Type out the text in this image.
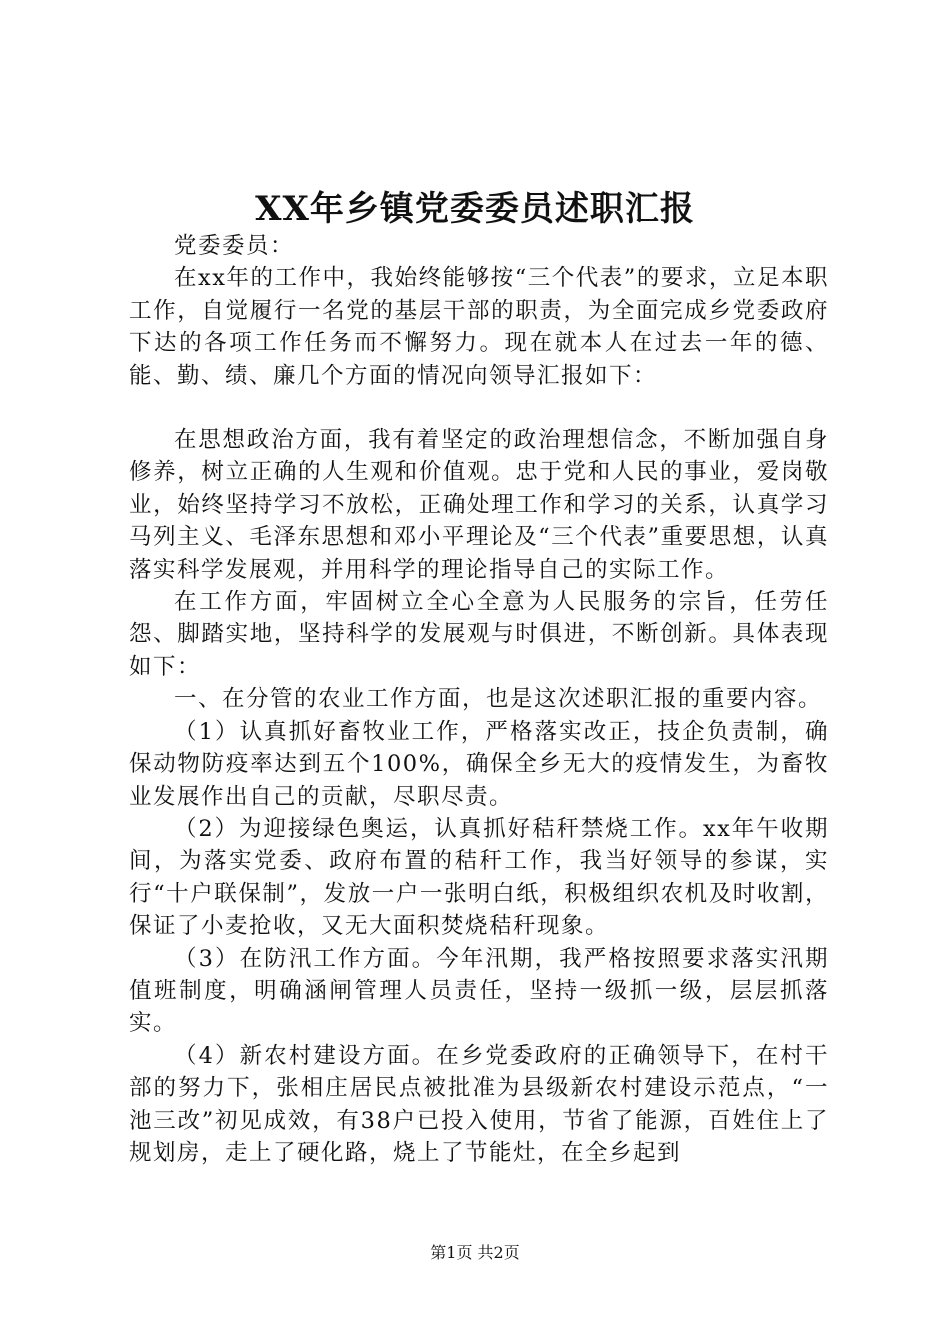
XX年乡镇党委委员述职汇报

党委委员：

在xx年的工作中，我始终能够按“三个代表”的要求，立足本职工作，自觉履行一名党的基层干部的职责，为全面完成乡党委政府下达的各项工作任务而不懈努力。现在就本人在过去一年的德、能、勤、绩、廉几个方面的情况向领导汇报如下：

在思想政治方面，我有着坚定的政治理想信念，不断加强自身修养，树立正确的人生观和价值观。忠于党和人民的事业，爱岗敬业，始终坚持学习不放松，正确处理工作和学习的关系，认真学习马列主义、毛泽东思想和邓小平理论及“三个代表”重要思想，认真落实科学发展观，并用科学的理论指导自己的实际工作。

在工作方面，牢固树立全心全意为人民服务的宗旨，任劳任怨、脚踏实地，坚持科学的发展观与时俱进，不断创新。具体表现如下：

一、在分管的农业工作方面，也是这次述职汇报的重要内容。

（1）认真抓好畜牧业工作，严格落实改正，技企负责制，确保动物防疫率达到五个100%，确保全乡无大的疫情发生，为畜牧业发展作出自己的贡献，尽职尽责。

（2）为迎接绿色奥运，认真抓好秸秆禁烧工作。xx年午收期间，为落实党委、政府布置的秸秆工作，我当好领导的参谋，实行“十户联保制”，发放一户一张明白纸，积极组织农机及时收割，保证了小麦抢收，又无大面积焚烧秸秆现象。

（3）在防汛工作方面。今年汛期，我严格按照要求落实汛期值班制度，明确涵闸管理人员责任，坚持一级抓一级，层层抓落实。

（4）新农村建设方面。在乡党委政府的正确领导下，在村干部的努力下，张相庄居民点被批准为县级新农村建设示范点，“一池三改”初见成效，有38户已投入使用，节省了能源，百姓住上了规划房，走上了硬化路，烧上了节能灶，在全乡起到

第1页 共2页
